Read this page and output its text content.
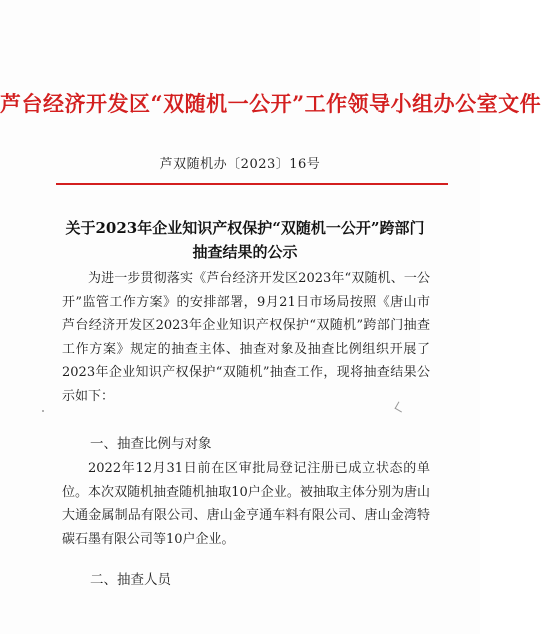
芦台经济开发区“双随机一公开”工作领导小组办公室文件
芦双随机办〔2023〕16号
关于2023年企业知识产权保护“双随机一公开”跨部门抽查结果的公示
为进一步贯彻落实《芦台经济开发区2023年“双随机、一公开”监管工作方案》的安排部署，9月21日市场局按照《唐山市芦台经济开发区2023年企业知识产权保护“双随机”跨部门抽查工作方案》规定的抽查主体、抽查对象及抽查比例组织开展了2023年企业知识产权保护“双随机”抽查工作，现将抽查结果公示如下：
一、抽查比例与对象
2022年12月31日前在区审批局登记注册已成立状态的单位。本次双随机抽查随机抽取10户企业。被抽取主体分别为唐山大通金属制品有限公司、唐山金亨通车料有限公司、唐山金湾特碳石墨有限公司等10户企业。
二、抽查人员
